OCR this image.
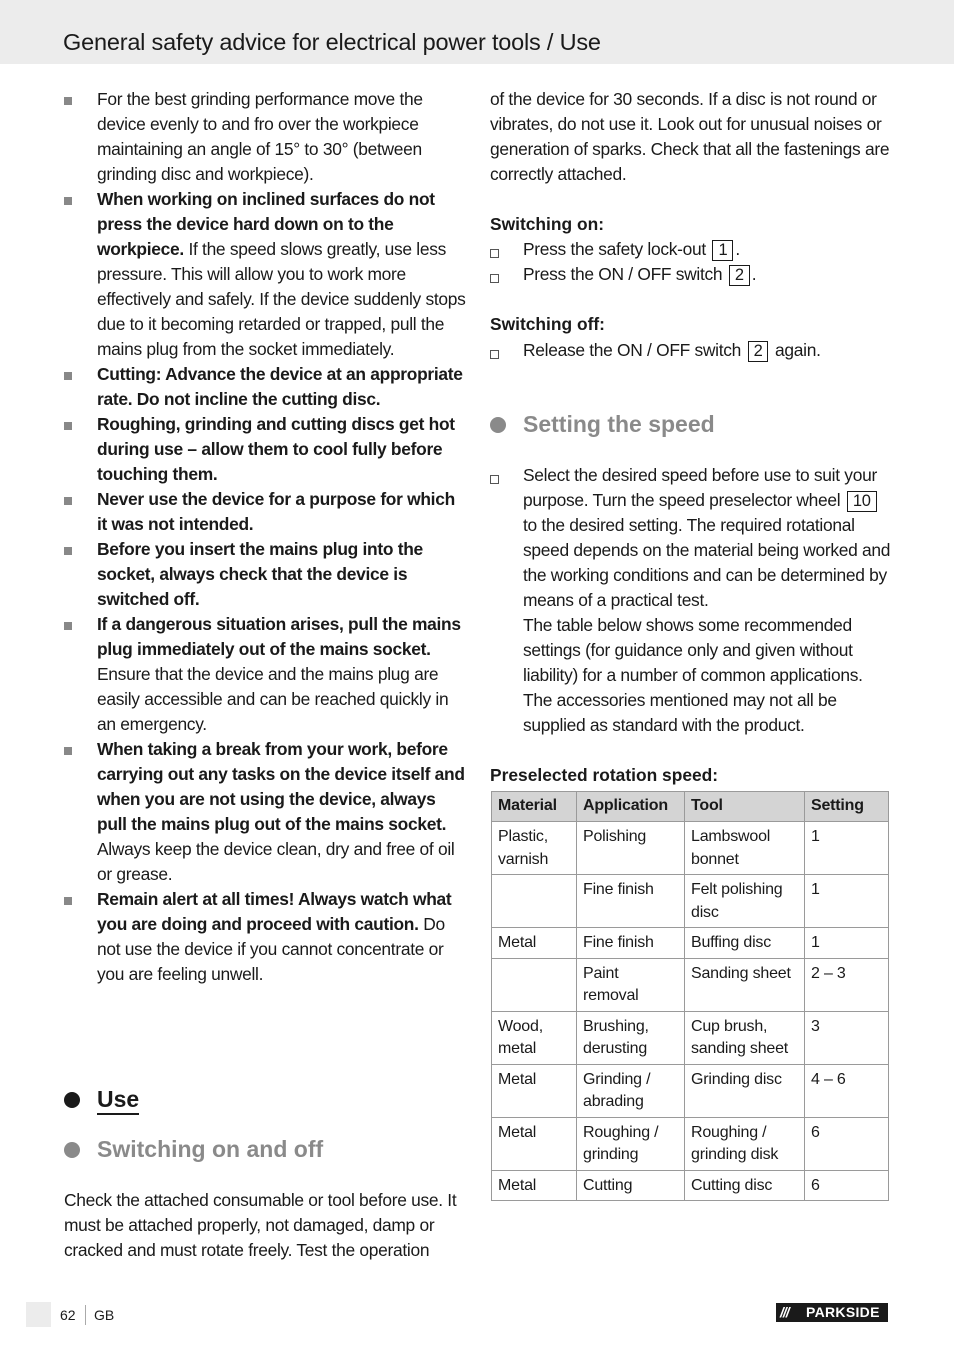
General safety advice for electrical power tools / Use
For the best grinding performance move the device evenly to and fro over the workpiece maintaining an angle of 15° to 30° (between grinding disc and workpiece).
When working on inclined surfaces do not press the device hard down on to the workpiece. If the speed slows greatly, use less pressure. This will allow you to work more effectively and safely. If the device suddenly stops due to it becoming retarded or trapped, pull the mains plug from the socket immediately.
Cutting: Advance the device at an appropriate rate. Do not incline the cutting disc.
Roughing, grinding and cutting discs get hot during use – allow them to cool fully before touching them.
Never use the device for a purpose for which it was not intended.
Before you insert the mains plug into the socket, always check that the device is switched off.
If a dangerous situation arises, pull the mains plug immediately out of the mains socket. Ensure that the device and the mains plug are easily accessible and can be reached quickly in an emergency.
When taking a break from your work, before carrying out any tasks on the device itself and when you are not using the device, always pull the mains plug out of the mains socket. Always keep the device clean, dry and free of oil or grease.
Remain alert at all times! Always watch what you are doing and proceed with caution. Do not use the device if you cannot concentrate or you are feeling unwell.
Use
Switching on and off

Check the attached consumable or tool before use. It must be attached properly, not damaged, damp or cracked and must rotate freely. Test the operation

of the device for 30 seconds. If a disc is not round or vibrates, do not use it. Look out for unusual noises or generation of sparks. Check that all the fastenings are correctly attached.

Switching on:
Press the safety lock-out 1 .
Press the ON / OFF switch 2 .
Switching off:
Release the ON / OFF switch 2 again.
Setting the speed
Select the desired speed before use to suit your purpose. Turn the speed preselector wheel 10 to the desired setting. The required rotational speed depends on the material being worked and the working conditions and can be determined by means of a practical test.
The table below shows some recommended settings (for guidance only and given without liability) for a number of common applications. The accessories mentioned may not all be supplied as standard with the product.
Preselected rotation speed:
Material	Application	Tool	Setting
Plastic, varnish	Polishing	Lambswool bonnet	1
	Fine finish	Felt polishing disc	1
Metal	Fine finish	Buffing disc	1
	Paint removal	Sanding sheet	2 – 3
Wood, metal	Brushing, derusting	Cup brush, sanding sheet	3
Metal	Grinding / abrading	Grinding disc	4 – 6
Metal	Roughing / grinding	Roughing / grinding disk	6
Metal	Cutting	Cutting disc	6
62 GB	/// PARKSIDE
